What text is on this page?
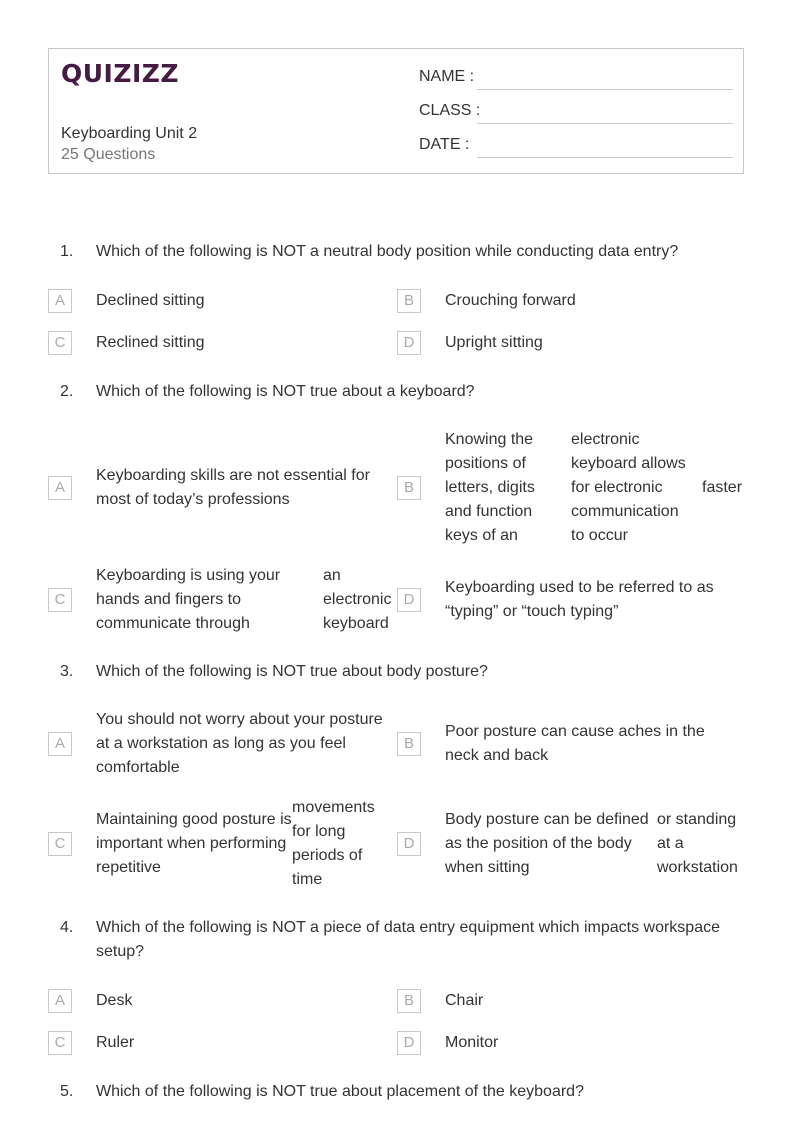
QUIZIZZ
Keyboarding Unit 2
25 Questions
NAME :
CLASS :
DATE :
1. Which of the following is NOT a neutral body position while conducting data entry?
A	Declined sitting	B	Crouching forward
C	Reclined sitting	D	Upright sitting
2. Which of the following is NOT true about a keyboard?
A
Keyboarding skills are not essential for most of today’s professions
B
Knowing the positions of letters, digits and function keys of an
electronic keyboard allows for electronic communication to occur
faster
C
Keyboarding is using your hands and fingers to communicate through
an electronic keyboard
D
Keyboarding used to be referred to as “typing” or “touch typing”
3. Which of the following is NOT true about body posture?
A
You should not worry about your posture at a workstation as long as you feel comfortable
B
Poor posture can cause aches in the neck and back
C
Maintaining good posture is important when performing repetitive
movements for long periods of time
D
Body posture can be defined as the position of the body when sitting
or standing at a workstation
4. Which of the following is NOT a piece of data entry equipment which impacts workspace setup?
A	Desk	B	Chair
C	Ruler	D	Monitor
5. Which of the following is NOT true about placement of the keyboard?
